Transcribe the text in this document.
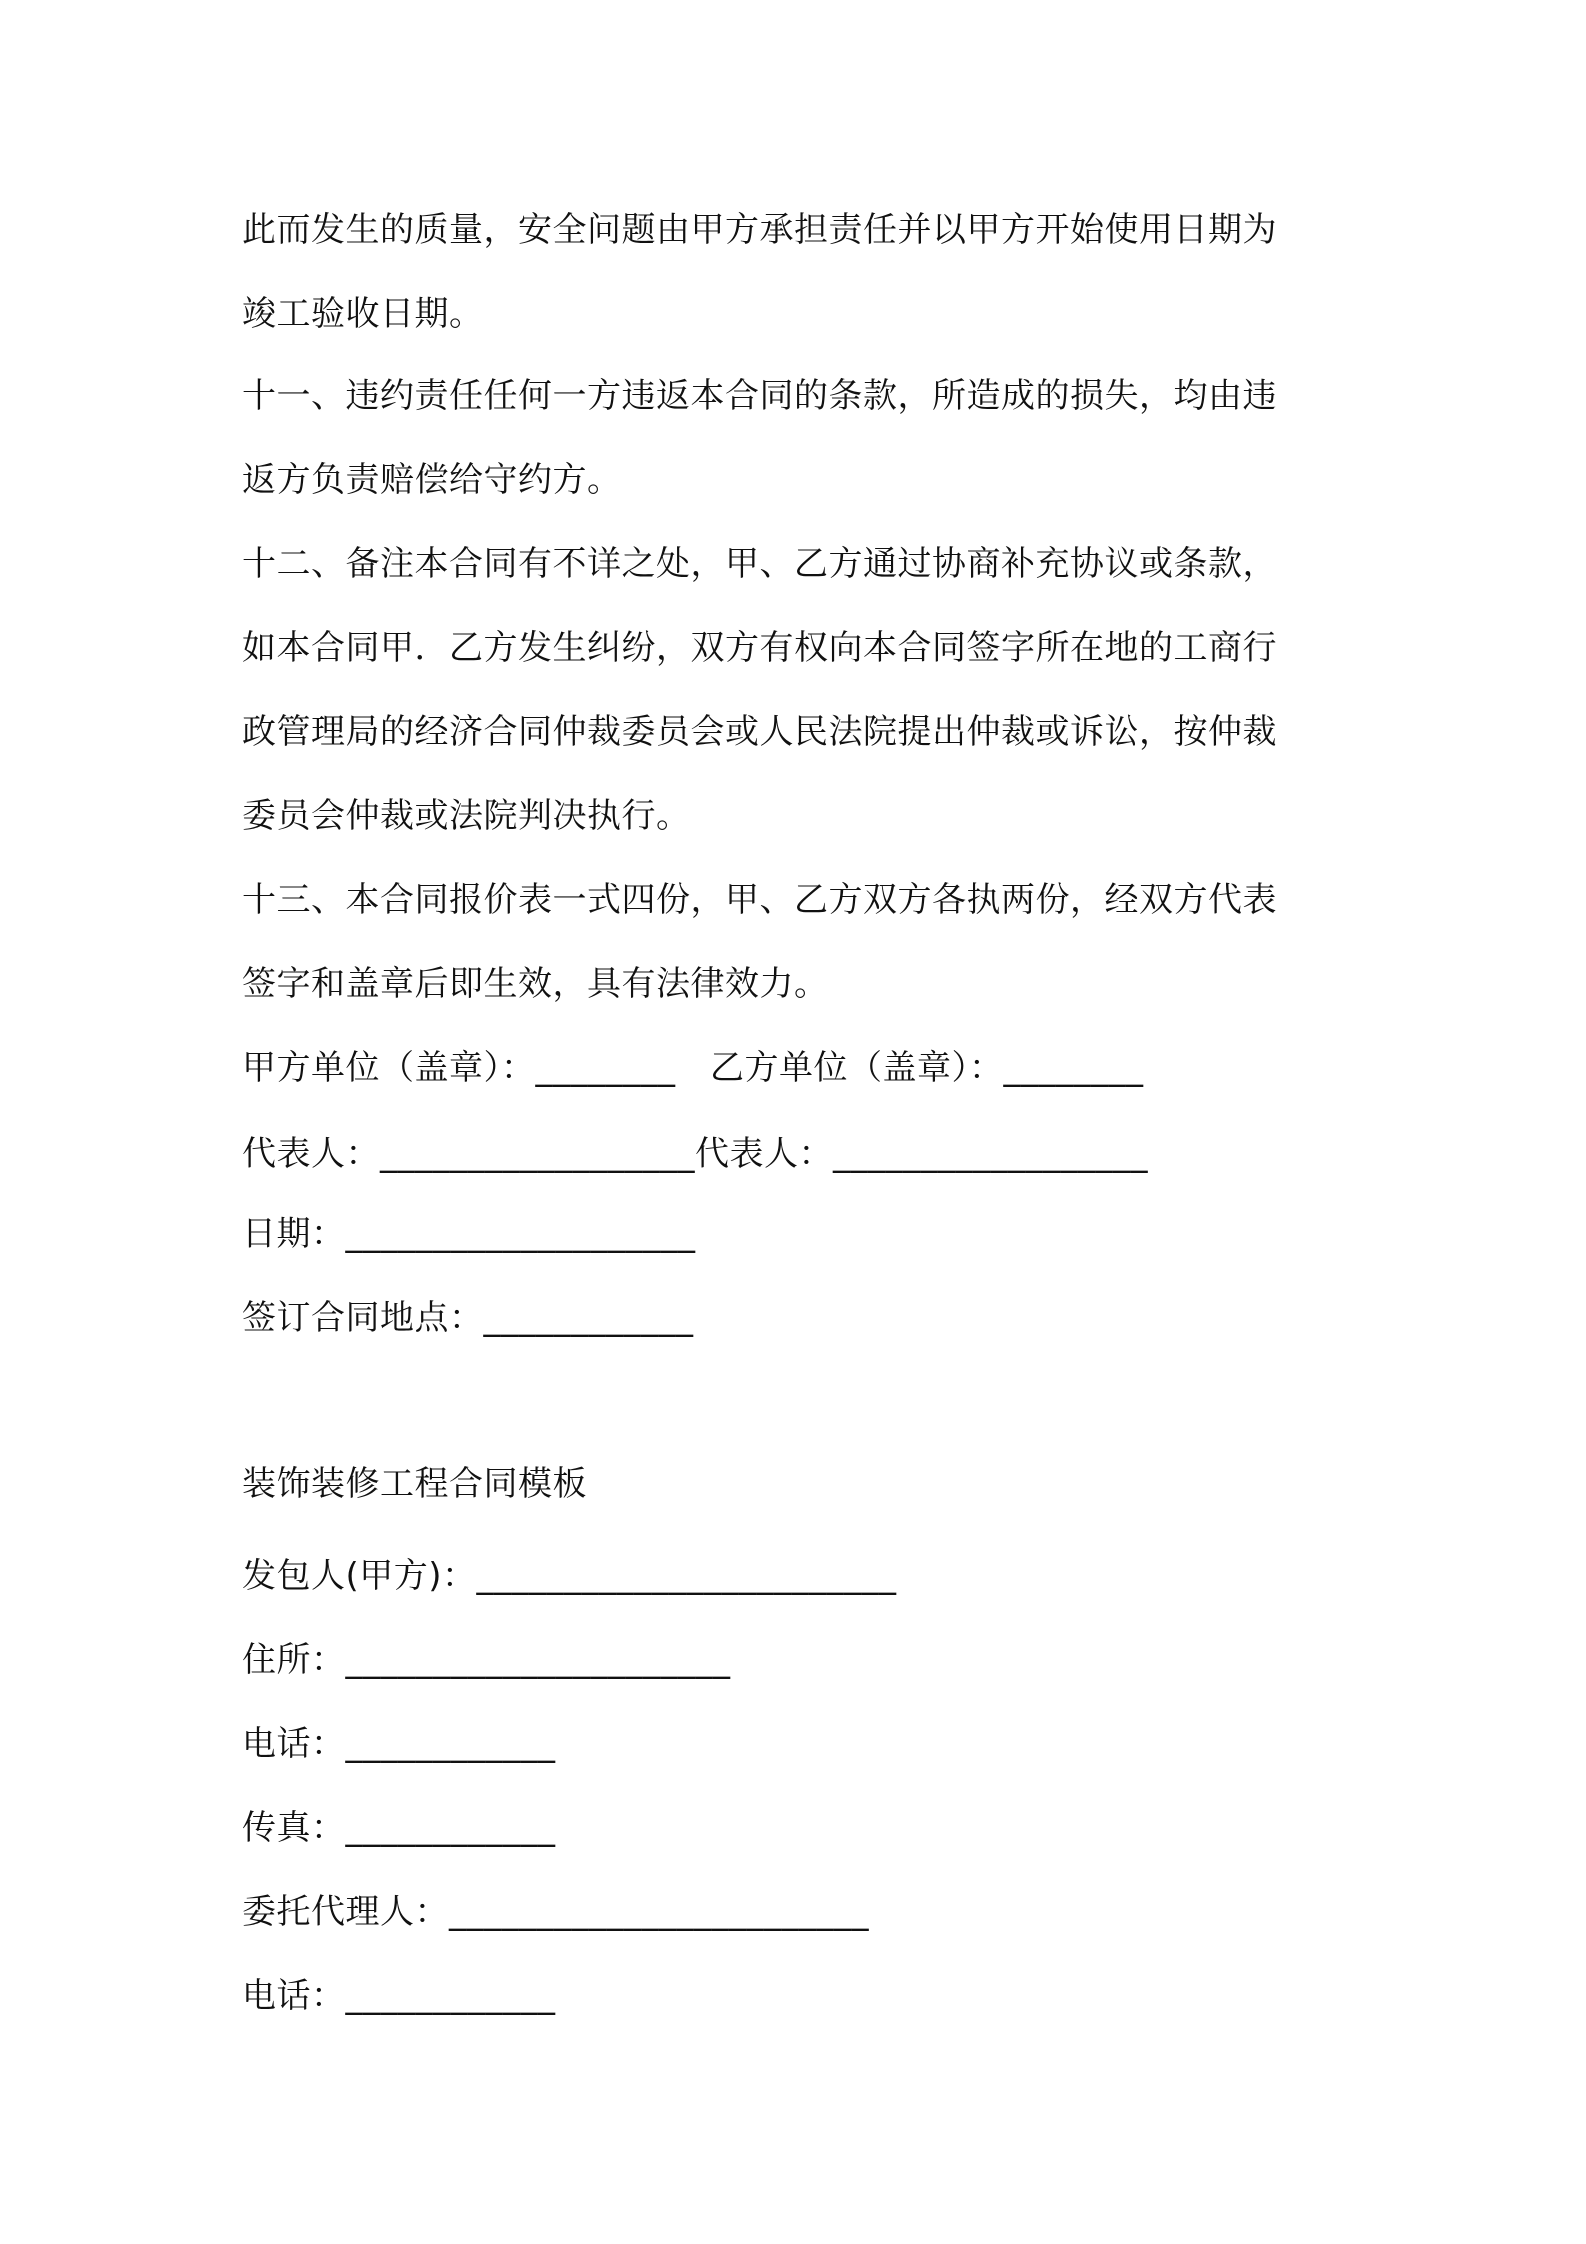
此而发生的质量，安全问题由甲方承担责任并以甲方开始使用日期为

竣工验收日期。

十一、违约责任任何一方违返本合同的条款，所造成的损失，均由违

返方负责赔偿给守约方。

十二、备注本合同有不详之处，甲、乙方通过协商补充协议或条款，

如本合同甲．乙方发生纠纷，双方有权向本合同签字所在地的工商行

政管理局的经济合同仲裁委员会或人民法院提出仲裁或诉讼，按仲裁

委员会仲裁或法院判决执行。

十三、本合同报价表一式四份，甲、乙方双方各执两份，经双方代表

签字和盖章后即生效，具有法律效力。

甲方单位（盖章）：________　乙方单位（盖章）：________

代表人：__________________代表人：__________________

日期：____________________

签订合同地点：____________

装饰装修工程合同模板

发包人(甲方)：________________________

住所：______________________

电话：____________

传真：____________

委托代理人：________________________

电话：____________
